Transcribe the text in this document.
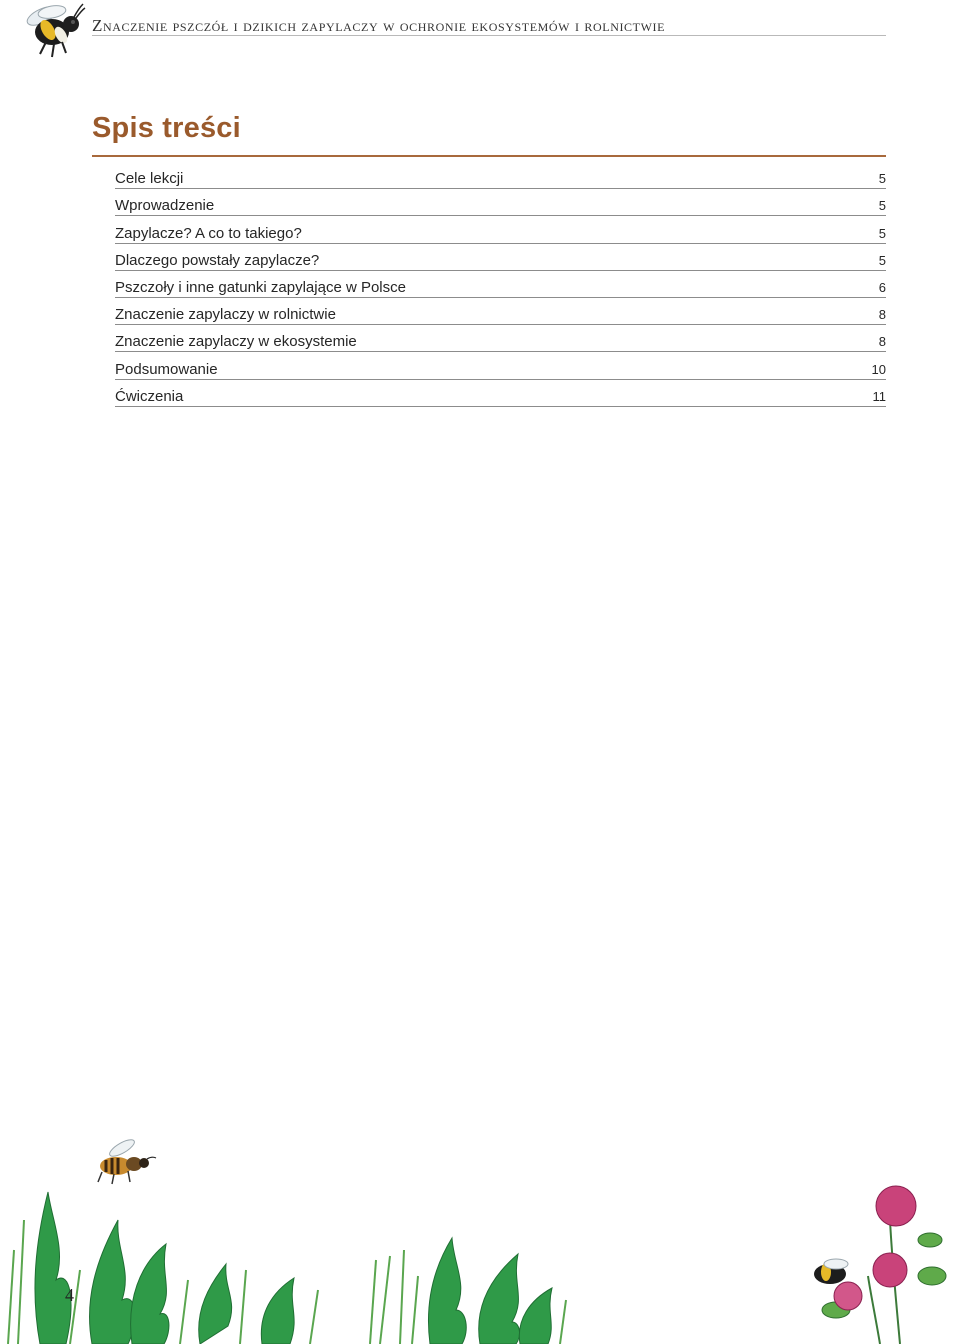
Znaczenie pszczół i dzikich zapylaczy w ochronie ekosystemów i rolnictwie
Spis treści
Cele lekcji	5
Wprowadzenie	5
Zapylacze? A co to takiego?	5
Dlaczego powstały zapylacze?	5
Pszczoły i inne gatunki zapylające w Polsce	6
Znaczenie zapylaczy w rolnictwie	8
Znaczenie zapylaczy w ekosystemie	8
Podsumowanie	10
Ćwiczenia	11
4
